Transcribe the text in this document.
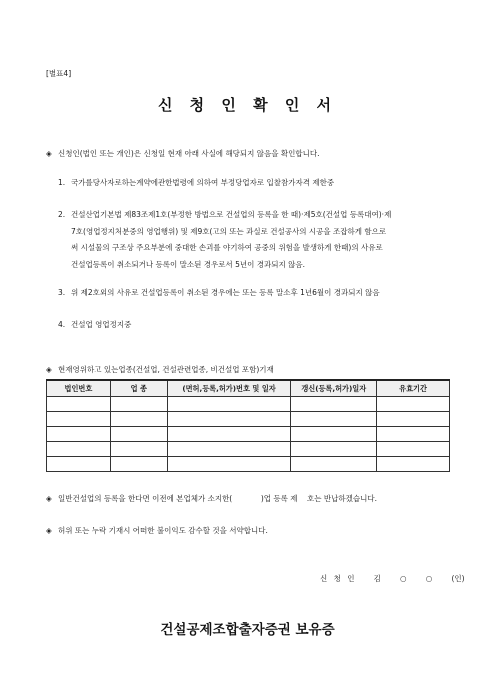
[별표4]
신 청 인 확 인 서
◈ 신청인(법인 또는 개인)은 신청일 현재 아래 사실에 해당되지 않음을 확인합니다.
1. 국가를당사자로하는계약에관한법령에 의하여 부정당업자로 입찰참가자격 제한중
2. 건설산업기본법 제83조제1호(부정한 방법으로 건설업의 등록을 한 때)·제5호(건설업 등록대여)·제
7호(영업정지처분중의 영업행위) 및 제9호(고의 또는 과실로 건설공사의 시공을 조잡하게 함으로
써 시설물의 구조상 주요부분에 중대한 손괴를 야기하여 공중의 위험을 발생하게 한때)의 사유로
건설업등록이 취소되거나 등록이 말소된 경우로서 5년이 경과되지 않음.
3. 위 제2호외의 사유로 건설업등록이 취소된 경우에는 또는 등록 말소후 1년6월이 경과되지 않음
4. 건설업 영업정지중
◈ 현재영위하고 있는업종(건설업, 건설관련업종, 비건설업 포함)기재
법인번호	업 종	(면허,등록,허가)번호 및 일자	갱신(등록,허가)일자	유효기간

◈ 일반건설업의 등록을 한다면 이전에 본업체가 소지한(            )업 등록 제    호는 반납하겠습니다.
◈ 허위 또는 누락 기재시 어떠한 불이익도 감수할 것을 서약합니다.
신 청 인   김   ○   ○   (인)
건설공제조합출자증권 보유증
